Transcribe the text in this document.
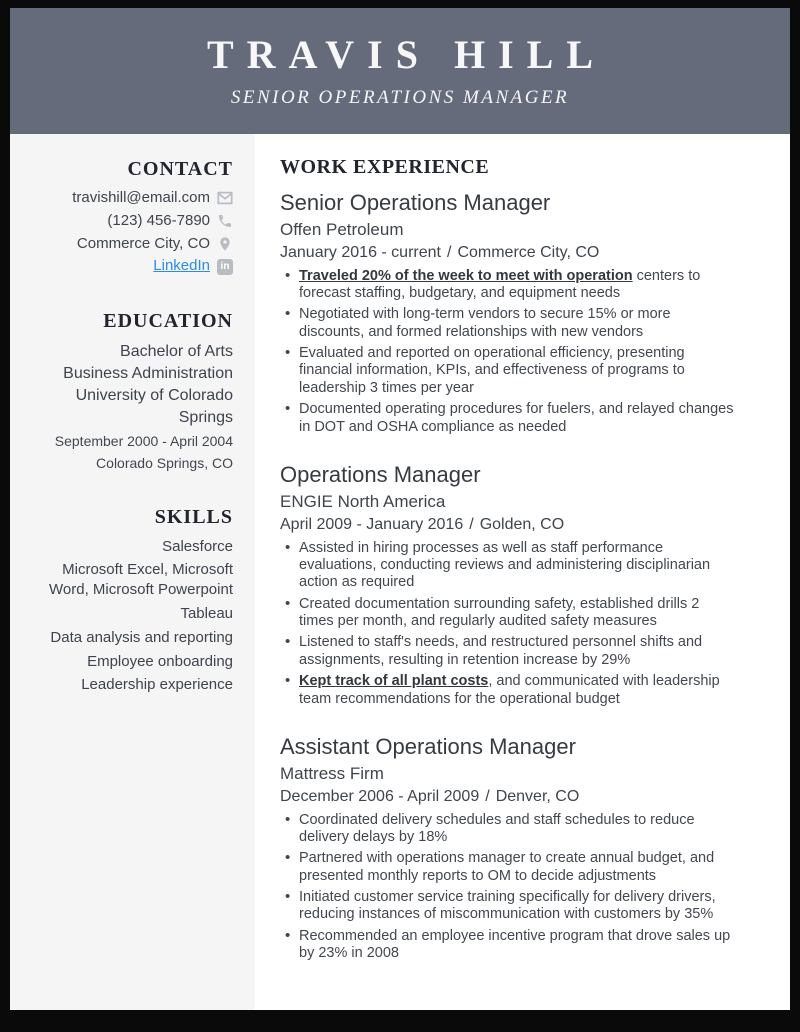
TRAVIS HILL
SENIOR OPERATIONS MANAGER
CONTACT
travishill@email.com
(123) 456-7890
Commerce City, CO
LinkedIn	in
EDUCATION
Bachelor of Arts
Business Administration
University of Colorado Springs
September 2000 - April 2004
Colorado Springs, CO
SKILLS
Salesforce
Microsoft Excel, Microsoft Word, Microsoft Powerpoint
Tableau
Data analysis and reporting
Employee onboarding
Leadership experience
WORK EXPERIENCE
Senior Operations Manager
Offen Petroleum
January 2016 - current / Commerce City, CO
• Traveled 20% of the week to meet with operation centers to forecast staffing, budgetary, and equipment needs
• Negotiated with long-term vendors to secure 15% or more discounts, and formed relationships with new vendors
• Evaluated and reported on operational efficiency, presenting financial information, KPIs, and effectiveness of programs to leadership 3 times per year
• Documented operating procedures for fuelers, and relayed changes in DOT and OSHA compliance as needed
Operations Manager
ENGIE North America
April 2009 - January 2016 / Golden, CO
• Assisted in hiring processes as well as staff performance evaluations, conducting reviews and administering disciplinarian action as required
• Created documentation surrounding safety, established drills 2 times per month, and regularly audited safety measures
• Listened to staff's needs, and restructured personnel shifts and assignments, resulting in retention increase by 29%
• Kept track of all plant costs, and communicated with leadership team recommendations for the operational budget
Assistant Operations Manager
Mattress Firm
December 2006 - April 2009 / Denver, CO
• Coordinated delivery schedules and staff schedules to reduce delivery delays by 18%
• Partnered with operations manager to create annual budget, and presented monthly reports to OM to decide adjustments
• Initiated customer service training specifically for delivery drivers, reducing instances of miscommunication with customers by 35%
• Recommended an employee incentive program that drove sales up by 23% in 2008
